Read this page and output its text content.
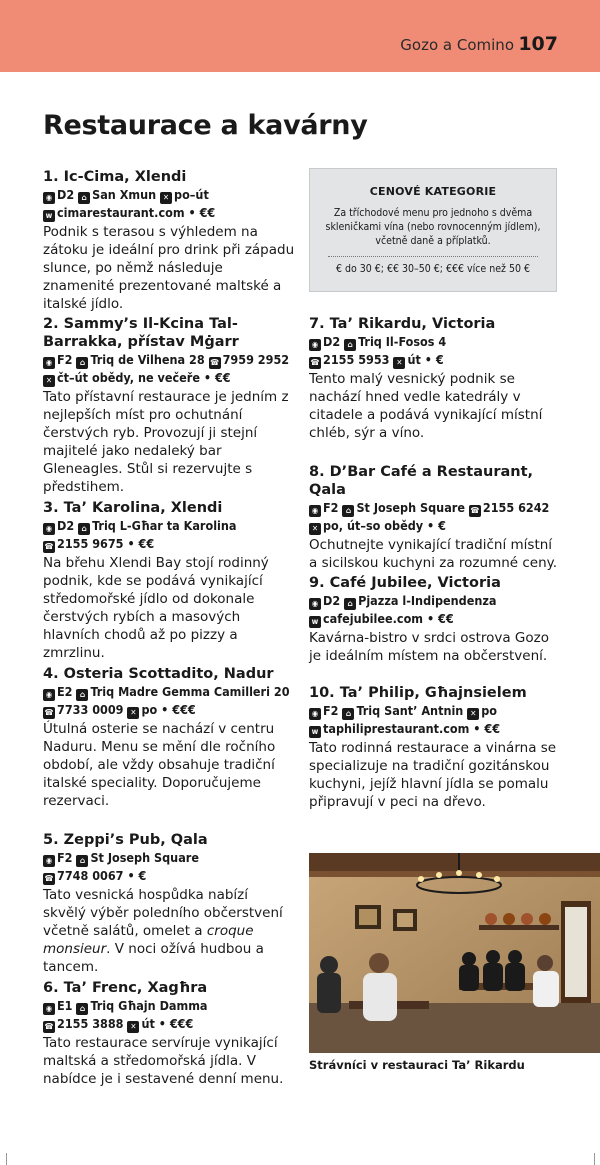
Gozo a Comino 107
Restaurace a kavárny
1. Ic-Cima, Xlendi
◉ D2 ⌂ San Xmun ✕ po–út
w cimarestaurant.com • €€
Podnik s terasou s výhledem na zátoku je ideální pro drink při západu slunce, po němž následuje znamenité prezentované maltské a italské jídlo.
2. Sammy’s Il-Kcina Tal-Barrakka, přístav Mġarr
◉ F2 ⌂ Triq de Vilhena 28 ☎ 7959 2952 ✕ čt–út obědy, ne večeře • €€
Tato přístavní restaurace je jedním z nejlepších míst pro ochutnání čerstvých ryb. Provozují ji stejní majitelé jako nedaleký bar Gleneagles. Stůl si rezervujte s předstihem.
3. Ta’ Karolina, Xlendi
◉ D2 ⌂ Triq L-Għar ta Karolina
☎ 2155 9675 • €€
Na břehu Xlendi Bay stojí rodinný podnik, kde se podává vynikající středomořské jídlo od dokonale čerstvých rybích a masových hlavních chodů až po pizzy a zmrzlinu.
4. Osteria Scottadito, Nadur
◉ E2 ⌂ Triq Madre Gemma Camilleri 20 ☎ 7733 0009 ✕ po • €€€
Útulná osterie se nachází v centru Naduru. Menu se mění dle ročního období, ale vždy obsahuje tradiční italské speciality. Doporučujeme rezervaci.
5. Zeppi’s Pub, Qala
◉ F2 ⌂ St Joseph Square
☎ 7748 0067 • €
Tato vesnická hospůdka nabízí skvělý výběr poledního občerstvení včetně salátů, omelet a croque monsieur. V noci ožívá hudbou a tancem.
6. Ta’ Frenc, Xagħra
◉ E1 ⌂ Triq Għajn Damma
☎ 2155 3888 ✕ út • €€€
Tato restaurace servíruje vynikající maltská a středomořská jídla. V nabídce je i sestavené denní menu.
CENOVÉ KATEGORIE
Za tříchodové menu pro jednoho s dvěma skleničkami vína (nebo rovnocenným jídlem), včetně daně a příplatků.
€ do 30 €; €€ 30–50 €; €€€ více než 50 €
7. Ta’ Rikardu, Victoria
◉ D2 ⌂ Triq Il-Fosos 4
☎ 2155 5953 ✕ út • €
Tento malý vesnický podnik se nachází hned vedle katedrály v citadele a podává vynikající místní chléb, sýr a víno.
8. D’Bar Café a Restaurant, Qala
◉ F2 ⌂ St Joseph Square ☎ 2155 6242 ✕ po, út–so obědy • €
Ochutnejte vynikající tradiční místní a sicilskou kuchyni za rozumné ceny.
9. Café Jubilee, Victoria
◉ D2 ⌂ Pjazza l-Indipendenza
w cafejubilee.com • €€
Kavárna-bistro v srdci ostrova Gozo je ideálním místem na občerstvení.
10. Ta’ Philip, Għajnsielem
◉ F2 ⌂ Triq Sant’ Antnin ✕ po
w taphiliprestaurant.com • €€
Tato rodinná restaurace a vinárna se specializuje na tradiční gozitánskou kuchyni, jejíž hlavní jídla se pomalu připravují v peci na dřevo.
Strávníci v restauraci Ta’ Rikardu
